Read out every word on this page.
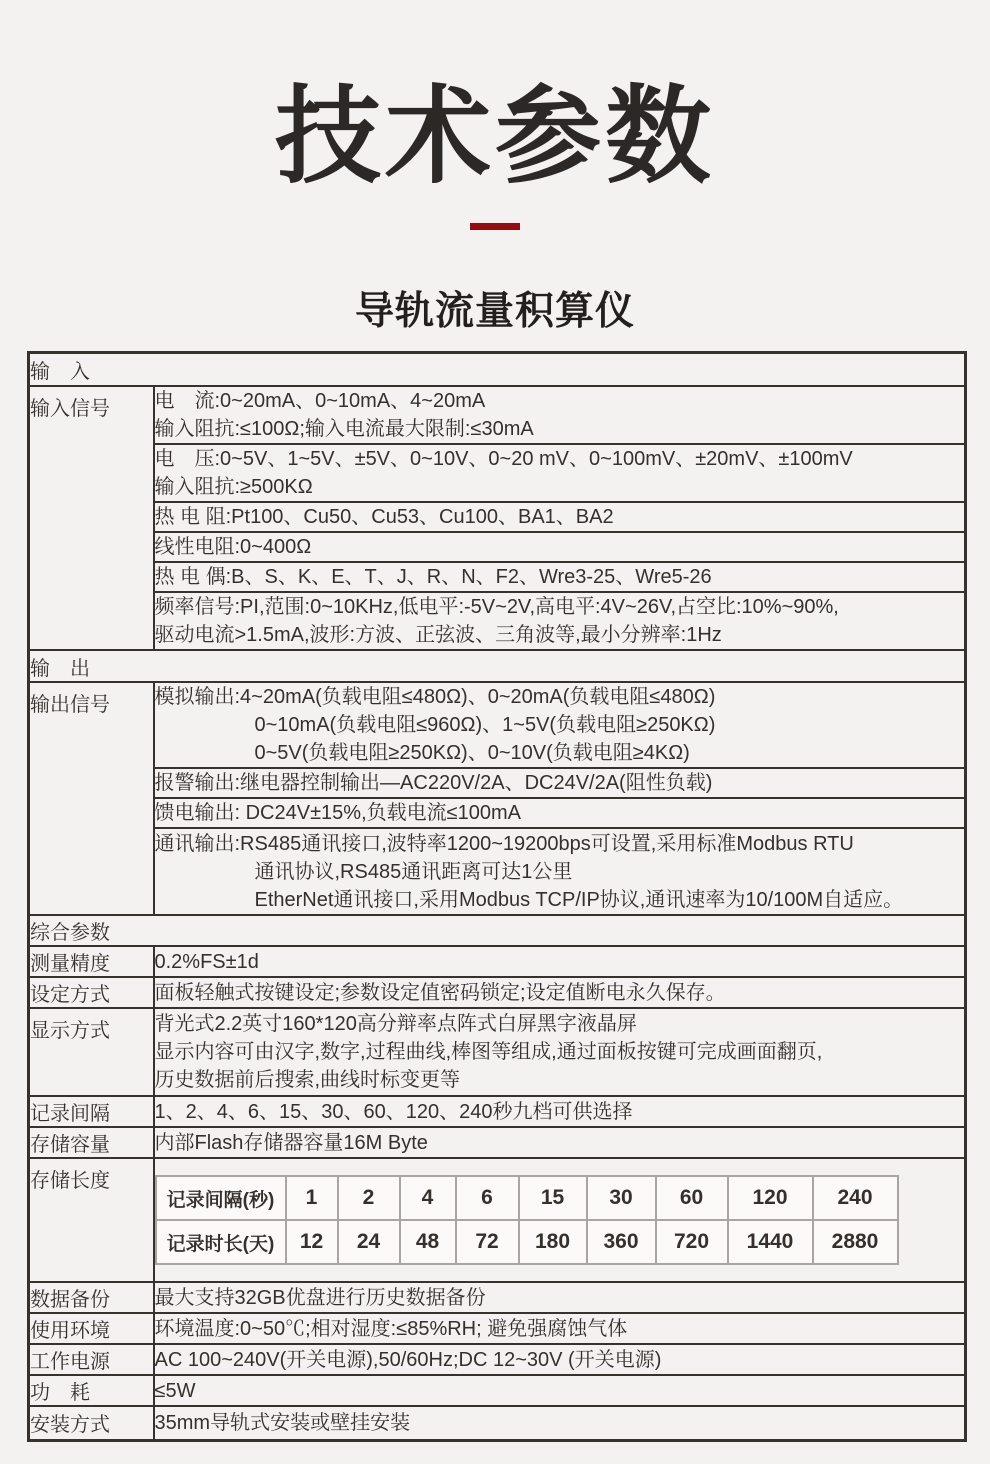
技术参数
导轨流量积算仪
输　入
输入信号	电　流:0~20mA、0~10mA、4~20mA
输入阻抗:≤100Ω;输入电流最大限制:≤30mA

电　压:0~5V、1~5V、±5V、0~10V、0~20 mV、0~100mV、±20mV、±100mV
输入阻抗:≥500KΩ

热 电 阻:Pt100、Cu50、Cu53、Cu100、BA1、BA2

线性电阻:0~400Ω

热 电 偶:B、S、K、E、T、J、R、N、F2、Wre3-25、Wre5-26

频率信号:PI,范围:0~10KHz,低电平:-5V~2V,高电平:4V~26V,占空比:10%~90%,
驱动电流>1.5mA,波形:方波、正弦波、三角波等,最小分辨率:1Hz

输　出
输出信号	模拟输出:4~20mA(负载电阻≤480Ω)、0~20mA(负载电阻≤480Ω)
0~10mA(负载电阻≤960Ω)、1~5V(负载电阻≥250KΩ)
0~5V(负载电阻≥250KΩ)、0~10V(负载电阻≥4KΩ)

报警输出:继电器控制输出—AC220V/2A、DC24V/2A(阻性负载)

馈电输出: DC24V±15%,负载电流≤100mA

通讯输出:RS485通讯接口,波特率1200~19200bps可设置,采用标准Modbus RTU
通讯协议,RS485通讯距离可达1公里
EtherNet通讯接口,采用Modbus TCP/IP协议,通讯速率为10/100M自适应。

综合参数
测量精度	0.2%FS±1d

设定方式	面板轻触式按键设定;参数设定值密码锁定;设定值断电永久保存。

显示方式	背光式2.2英寸160*120高分辩率点阵式白屏黑字液晶屏
显示内容可由汉字,数字,过程曲线,棒图等组成,通过面板按键可完成画面翻页,
历史数据前后搜索,曲线时标变更等

记录间隔	1、2、4、6、15、30、60、120、240秒九档可供选择

存储容量	内部Flash存储器容量16M Byte

存储长度	
记录间隔(秒)	1	2	4	6	15	30	60	120	240
记录时长(天)	12	24	48	72	180	360	720	1440	2880

数据备份	最大支持32GB优盘进行历史数据备份

使用环境	环境温度:0~50℃;相对湿度:≤85%RH; 避免强腐蚀气体

工作电源	AC 100~240V(开关电源),50/60Hz;DC 12~30V (开关电源)

功　耗	≤5W

安装方式	35mm导轨式安装或壁挂安装
